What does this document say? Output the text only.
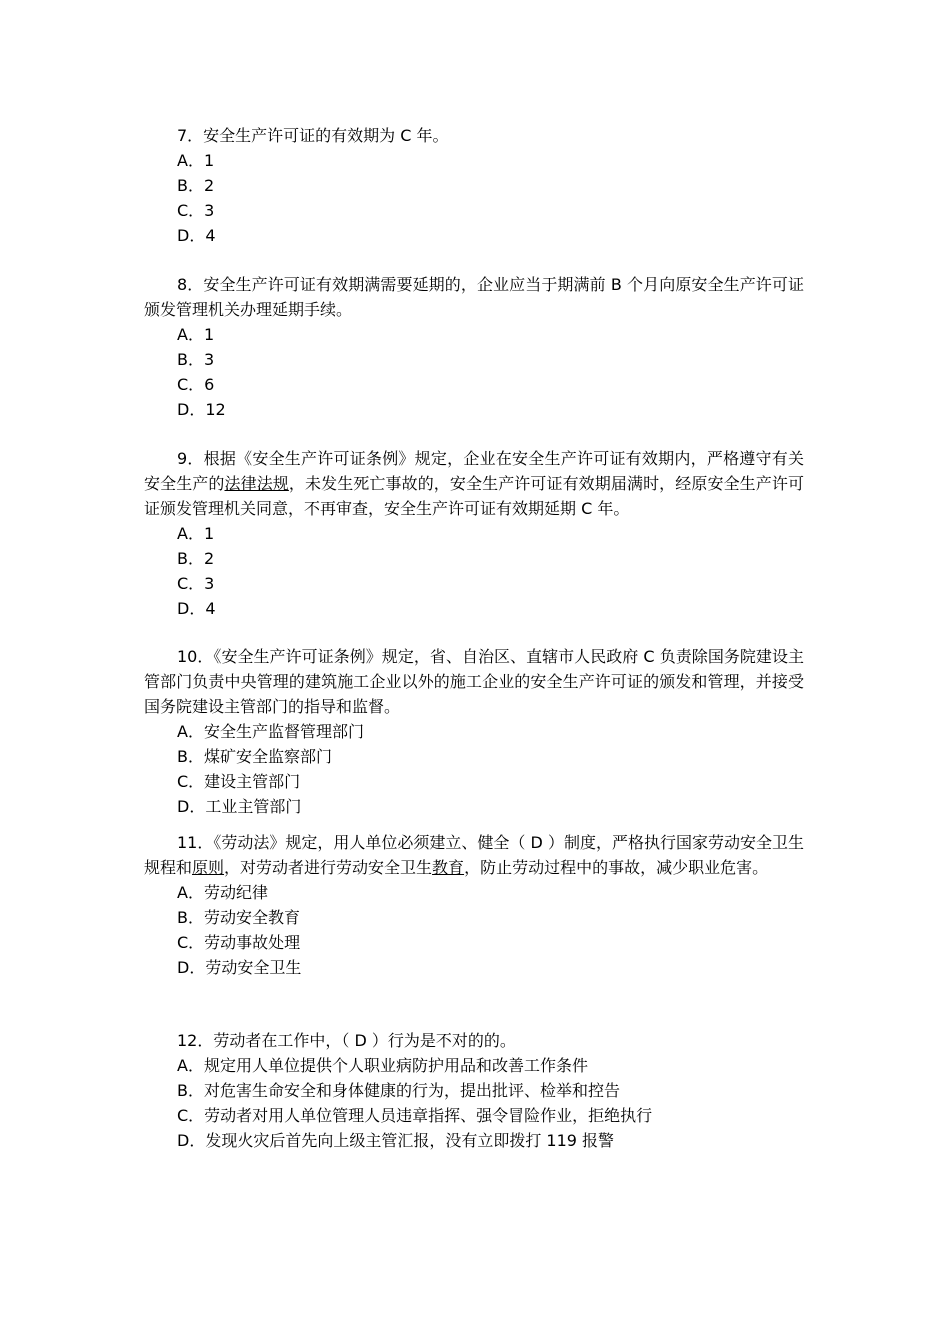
7．安全生产许可证的有效期为 C 年。

A．1

B．2

C．3

D．4

8．安全生产许可证有效期满需要延期的，企业应当于期满前 B 个月向原安全生产许可证颁发管理机关办理延期手续。

A．1

B．3

C．6

D．12

9．根据《安全生产许可证条例》规定，企业在安全生产许可证有效期内，严格遵守有关安全生产的法律法规，未发生死亡事故的，安全生产许可证有效期届满时，经原安全生产许可证颁发管理机关同意，不再审查，安全生产许可证有效期延期 C 年。

A．1

B．2

C．3

D．4

10．《安全生产许可证条例》规定，省、自治区、直辖市人民政府 C 负责除国务院建设主管部门负责中央管理的建筑施工企业以外的施工企业的安全生产许可证的颁发和管理，并接受国务院建设主管部门的指导和监督。

A．安全生产监督管理部门

B．煤矿安全监察部门

C．建设主管部门

D．工业主管部门

11．《劳动法》规定，用人单位必须建立、健全（ D ）制度，严格执行国家劳动安全卫生规程和原则，对劳动者进行劳动安全卫生教育，防止劳动过程中的事故，减少职业危害。

A．劳动纪律

B．劳动安全教育

C．劳动事故处理

D．劳动安全卫生

12．劳动者在工作中，（ D ）行为是不对的的。

A．规定用人单位提供个人职业病防护用品和改善工作条件

B．对危害生命安全和身体健康的行为，提出批评、检举和控告

C．劳动者对用人单位管理人员违章指挥、强令冒险作业，拒绝执行

D．发现火灾后首先向上级主管汇报，没有立即拨打 119 报警
